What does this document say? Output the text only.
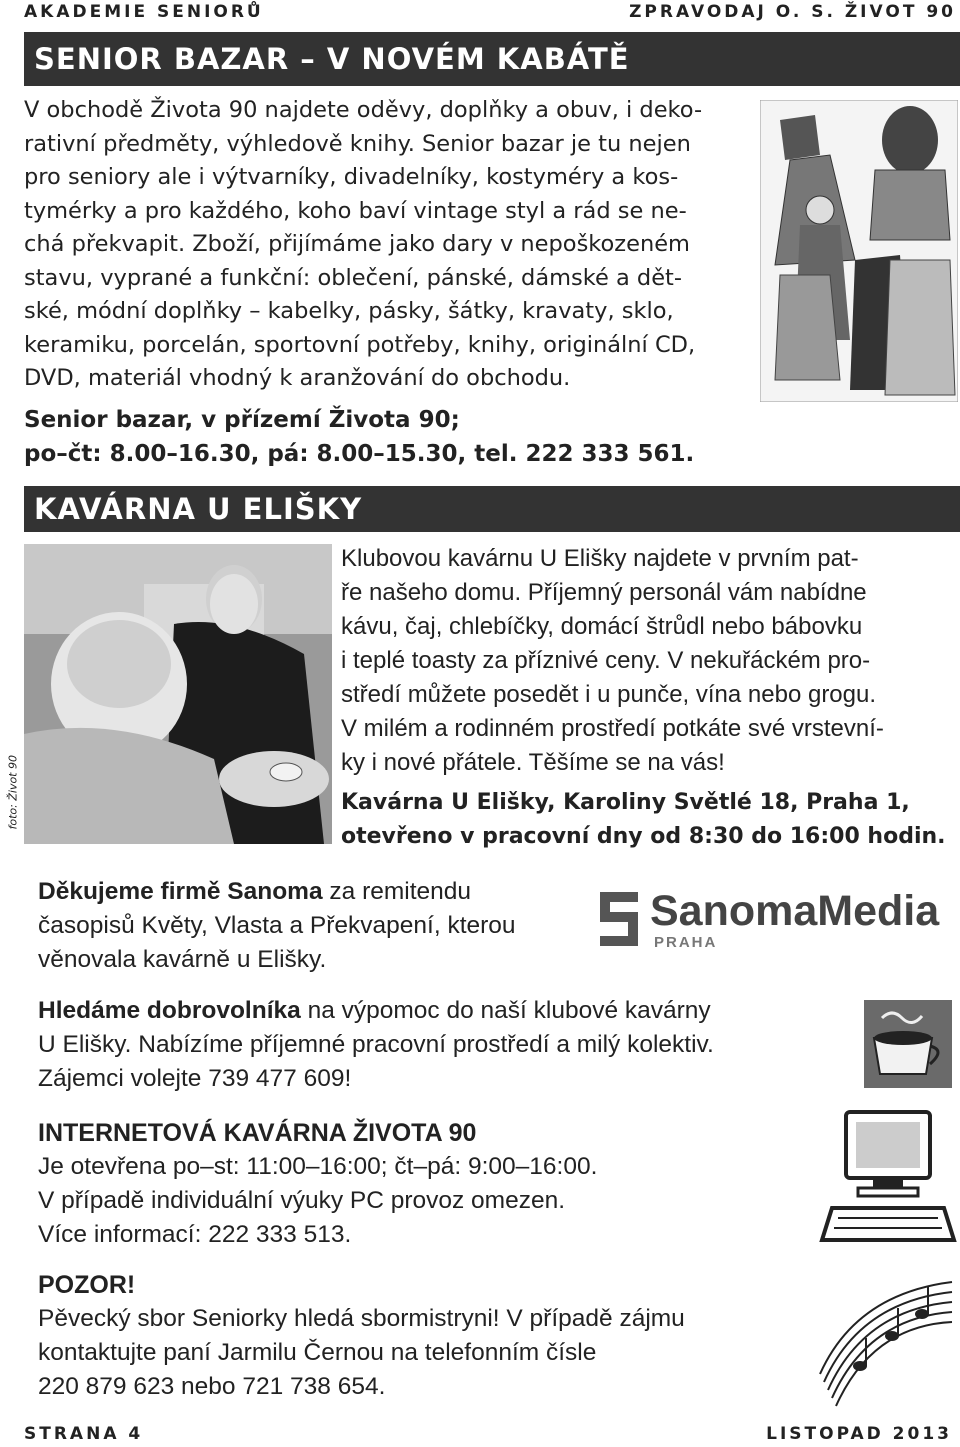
AKADEMIE SENIORŮ	ZPRAVODAJ O. S. ŽIVOT 90
SENIOR BAZAR – V NOVÉM KABÁTĚ
V obchodě Života 90 najdete oděvy, doplňky a obuv, i deko-
rativní předměty, výhledově knihy. Senior bazar je tu nejen
pro seniory ale i výtvarníky, divadelníky, kostyméry a kos-
tymérky a pro každého, koho baví vintage styl a rád se ne-
chá překvapit. Zboží, přijímáme jako dary v nepoškozeném
stavu, vyprané a funkční: oblečení, pánské, dámské a dět-
ské, módní doplňky – kabelky, pásky, šátky, kravaty, sklo,
keramiku, porcelán, sportovní potřeby, knihy, originální CD,
DVD, materiál vhodný k aranžování do obchodu.
Senior bazar, v přízemí Života 90;
po–čt: 8.00–16.30, pá: 8.00–15.30, tel. 222 333 561.
KAVÁRNA U ELIŠKY
foto: Život 90
Klubovou kavárnu U Elišky najdete v prvním pat-
ře našeho domu. Příjemný personál vám nabídne
kávu, čaj, chlebíčky, domácí štrůdl nebo bábovku
i teplé toasty za příznivé ceny. V nekuřáckém pro-
středí můžete posedět i u punče, vína nebo grogu.
V milém a rodinném prostředí potkáte své vrstevní-
ky i nové přátele. Těšíme se na vás!
Kavárna U Elišky, Karoliny Světlé 18, Praha 1,
otevřeno v pracovní dny od 8:30 do 16:00 hodin.
Děkujeme firmě Sanoma za remitendu
časopisů Květy, Vlasta a Překvapení, kterou
věnovala kavárně u Elišky.
SanomaMedia
PRAHA
Hledáme dobrovolníka na výpomoc do naší klubové kavárny
U Elišky. Nabízíme příjemné pracovní prostředí a milý kolektiv.
Zájemci volejte 739 477 609!
INTERNETOVÁ KAVÁRNA ŽIVOTA 90
Je otevřena po–st: 11:00–16:00; čt–pá: 9:00–16:00.
V případě individuální výuky PC provoz omezen.
Více informací: 222 333 513.
POZOR!
Pěvecký sbor Seniorky hledá sbormistryni! V případě zájmu
kontaktujte paní Jarmilu Černou na telefonním čísle
220 879 623 nebo 721 738 654.
STRANA 4	LISTOPAD 2013
